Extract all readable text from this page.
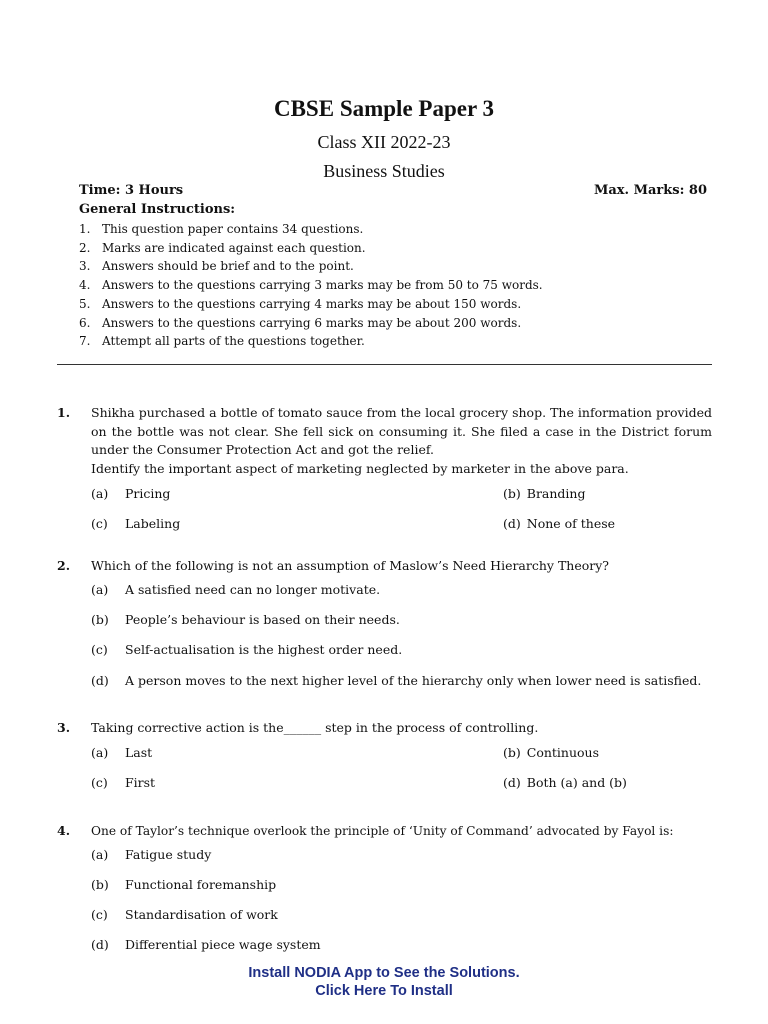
CBSE Sample Paper 3
Class XII 2022-23
Business Studies
Time: 3 Hours	Max. Marks: 80
General Instructions:
1. This question paper contains 34 questions.
2. Marks are indicated against each question.
3. Answers should be brief and to the point.
4. Answers to the questions carrying 3 marks may be from 50 to 75 words.
5. Answers to the questions carrying 4 marks may be about 150 words.
6. Answers to the questions carrying 6 marks may be about 200 words.
7. Attempt all parts of the questions together.
1. Shikha purchased a bottle of tomato sauce from the local grocery shop. The information provided on the bottle was not clear. She fell sick on consuming it. She filed a case in the District forum under the Consumer Protection Act and got the relief.
Identify the important aspect of marketing neglected by marketer in the above para.
(a) Pricing	(b) Branding
(c) Labeling	(d) None of these
2. Which of the following is not an assumption of Maslow’s Need Hierarchy Theory?
(a) A satisfied need can no longer motivate.
(b) People’s behaviour is based on their needs.
(c) Self-actualisation is the highest order need.
(d) A person moves to the next higher level of the hierarchy only when lower need is satisfied.
3. Taking corrective action is the______ step in the process of controlling.
(a) Last	(b) Continuous
(c) First	(d) Both (a) and (b)
4. One of Taylor’s technique overlook the principle of ‘Unity of Command’ advocated by Fayol is:
(a) Fatigue study
(b) Functional foremanship
(c) Standardisation of work
(d) Differential piece wage system
Install NODIA App to See the Solutions.
Click Here To Install
